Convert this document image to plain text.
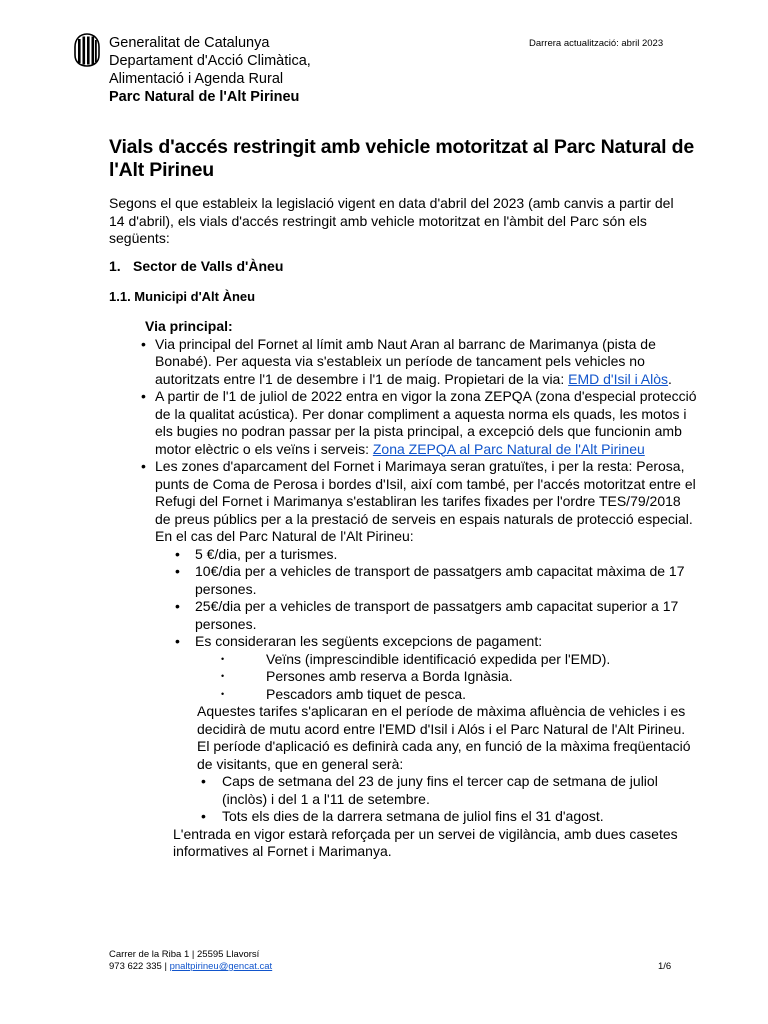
Generalitat de Catalunya
Departament d'Acció Climàtica,
Alimentació i Agenda Rural
Parc Natural de l'Alt Pirineu
Darrera actualització: abril 2023
Vials d'accés restringit amb vehicle motoritzat al Parc Natural de l'Alt Pirineu
Segons el que estableix la legislació vigent en data d'abril del 2023 (amb canvis a partir del 14 d'abril), els vials d'accés restringit amb vehicle motoritzat en l'àmbit del Parc són els següents:
1. Sector de Valls d'Àneu
1.1. Municipi d'Alt Àneu
Via principal:
• Via principal del Fornet al límit amb Naut Aran al barranc de Marimanya (pista de Bonabé). Per aquesta via s'estableix un període de tancament pels vehicles no autoritzats entre l'1 de desembre i l'1 de maig. Propietari de la via: EMD d'Isil i Alòs.
• A partir de l'1 de juliol de 2022 entra en vigor la zona ZEPQA (zona d'especial protecció de la qualitat acústica). Per donar compliment a aquesta norma els quads, les motos i els bugies no podran passar per la pista principal, a excepció dels que funcionin amb motor elèctric o els veïns i serveis: Zona ZEPQA al Parc Natural de l'Alt Pirineu
• Les zones d'aparcament del Fornet i Marimaya seran gratuïtes, i per la resta: Perosa, punts de Coma de Perosa i bordes d'Isil, així com també, per l'accés motoritzat entre el Refugi del Fornet i Marimanya s'establiran les tarifes fixades per l'ordre TES/79/2018 de preus públics per a la prestació de serveis en espais naturals de protecció especial. En el cas del Parc Natural de l'Alt Pirineu:
• 5 €/dia, per a turismes.
• 10€/dia per a vehicles de transport de passatgers amb capacitat màxima de 17 persones.
• 25€/dia per a vehicles de transport de passatgers amb capacitat superior a 17 persones.
• Es consideraran les següents excepcions de pagament:
• Veïns (imprescindible identificació expedida per l'EMD).
• Persones amb reserva a Borda Ignàsia.
• Pescadors amb tiquet de pesca.
Aquestes tarifes s'aplicaran en el període de màxima afluència de vehicles i es decidirà de mutu acord entre l'EMD d'Isil i Alós i el Parc Natural de l'Alt Pirineu. El període d'aplicació es definirà cada any, en funció de la màxima freqüentació de visitants, que en general serà:
• Caps de setmana del 23 de juny fins el tercer cap de setmana de juliol (inclòs) i del 1 a l'11 de setembre.
• Tots els dies de la darrera setmana de juliol fins el 31 d'agost.
L'entrada en vigor estarà reforçada per un servei de vigilància, amb dues casetes informatives al Fornet i Marimanya.
Carrer de la Riba 1 | 25595 Llavorsí
973 622 335 | pnaltpirineu@gencat.cat	1/6
